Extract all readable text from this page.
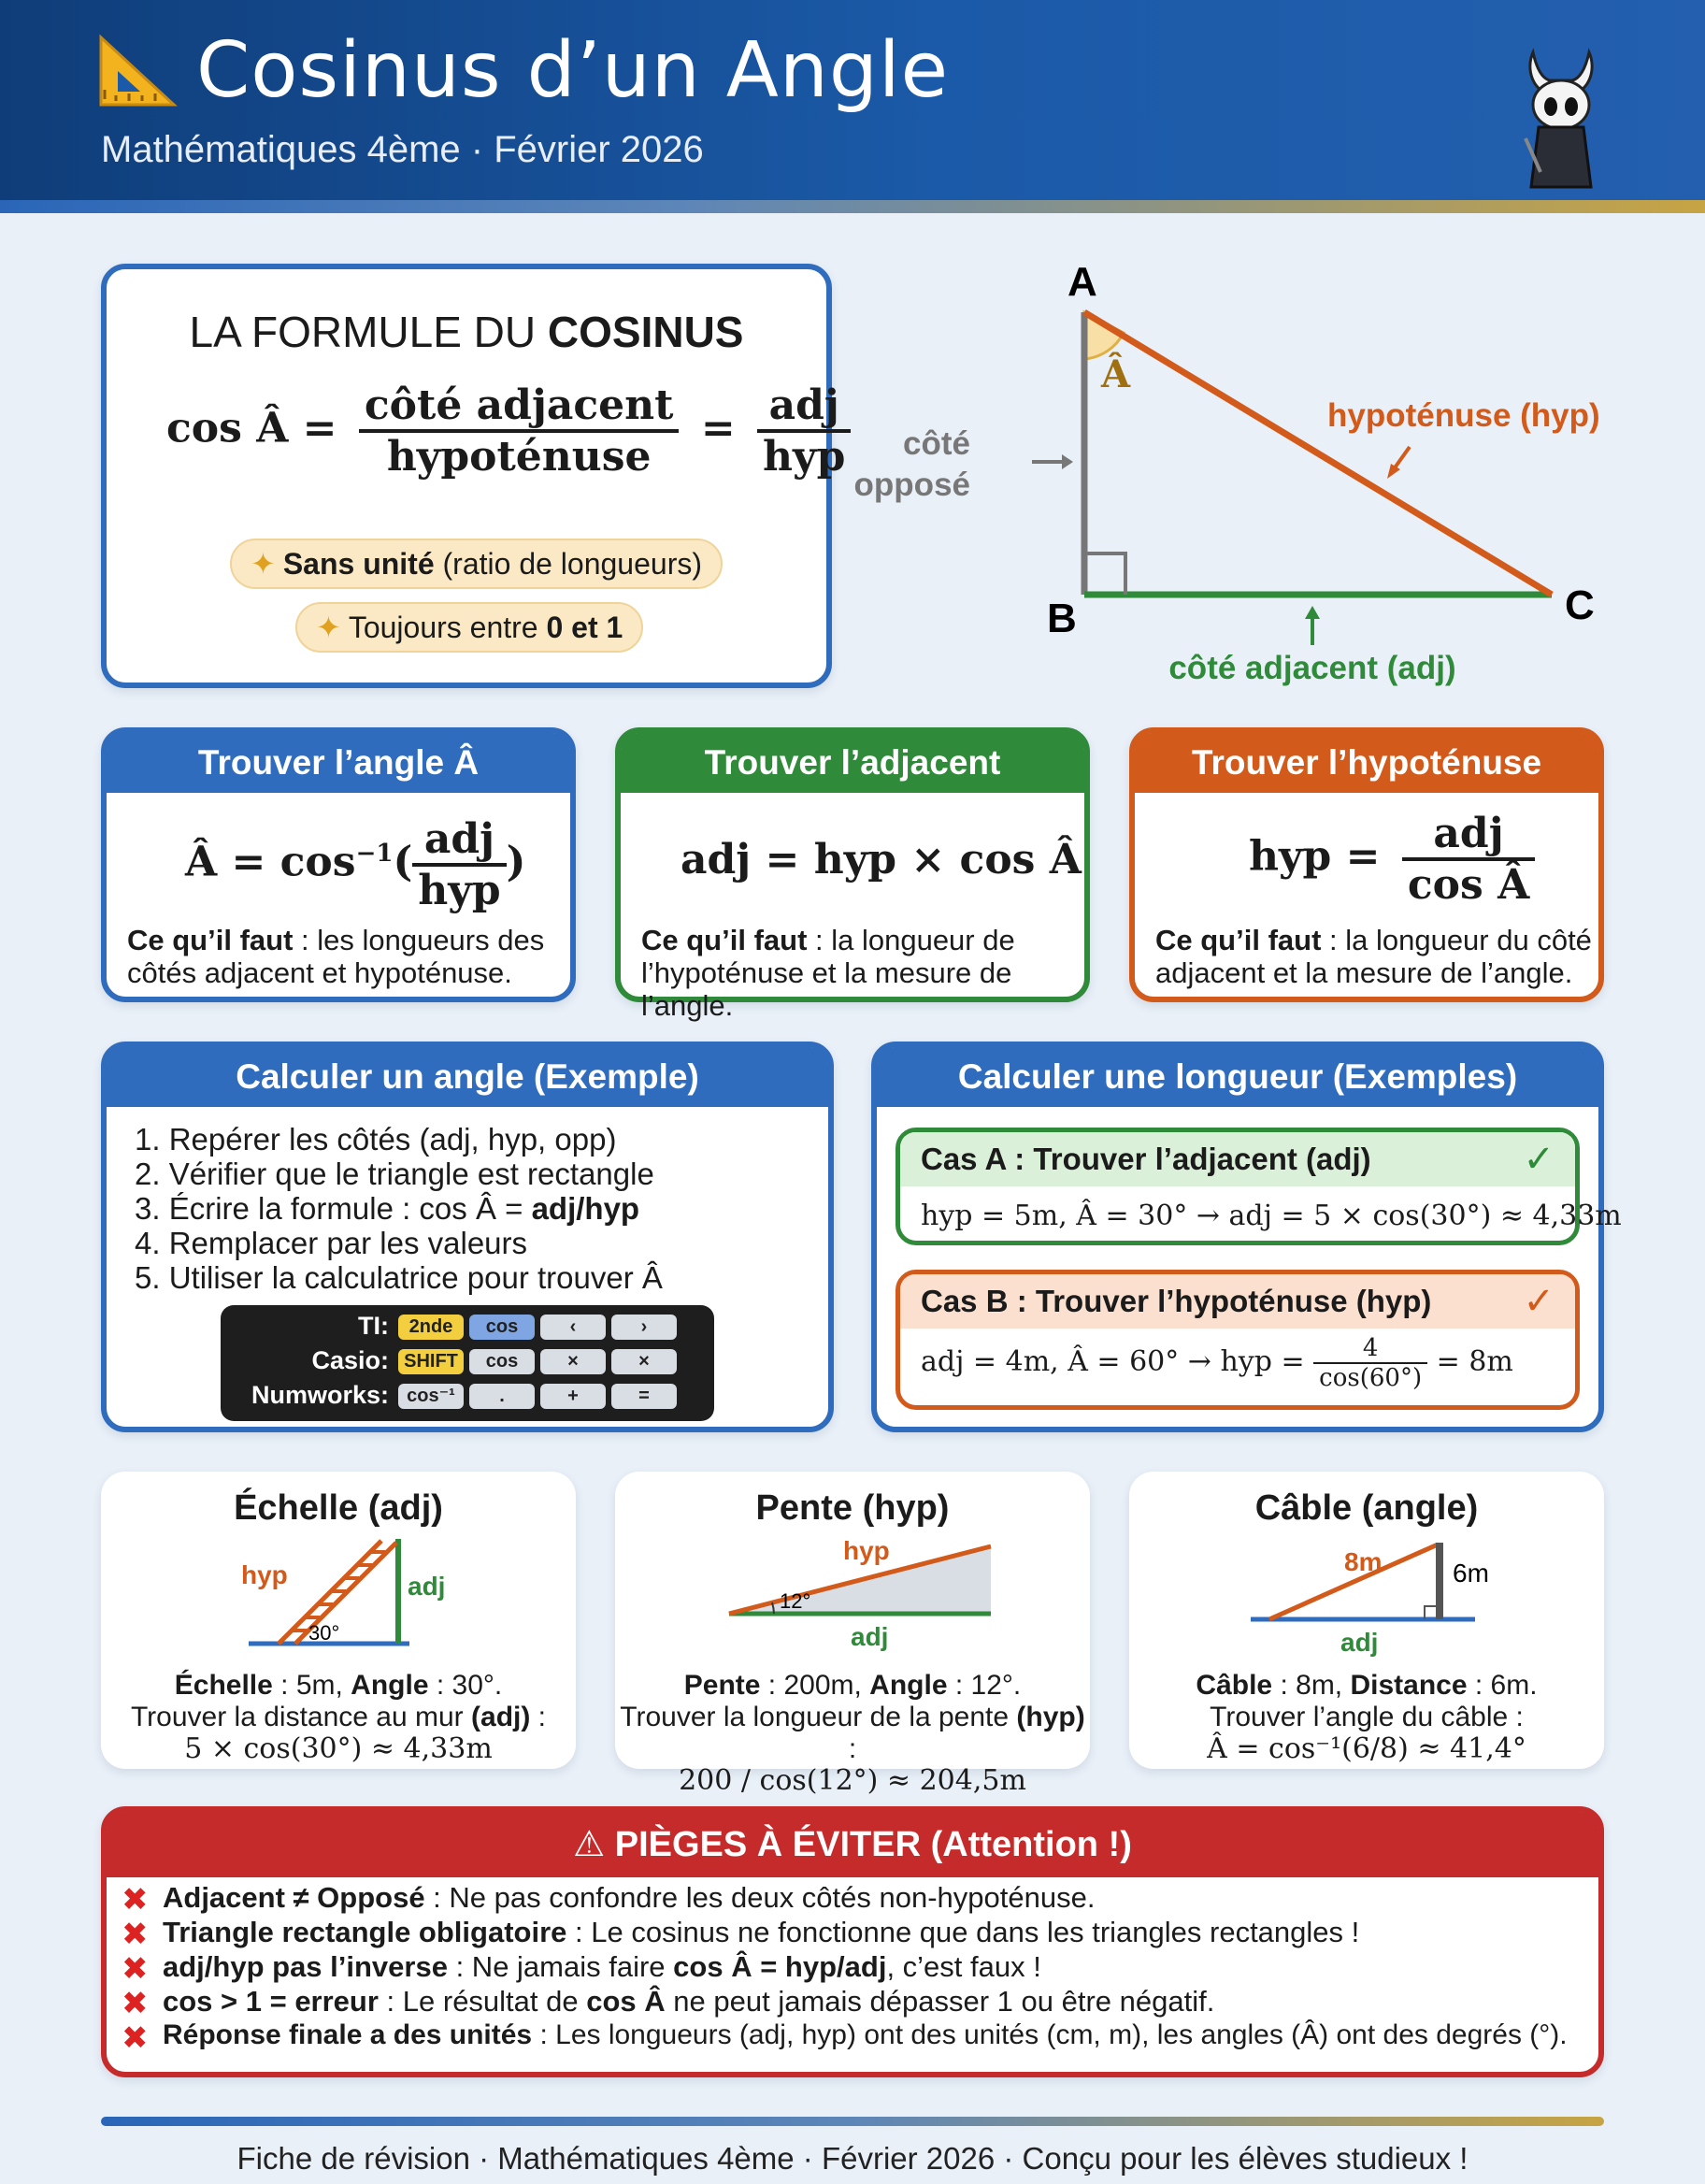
Cosinus d’un Angle
Mathématiques 4ème · Février 2026
LA FORMULE DU COSINUS
cos Â = $\frac{\text{côté adjacent}}{\text{hypoténuse}} = \frac{\text{adj}}{\text{hyp}}$
✦ Sans unité (ratio de longueurs)
✦ Toujours entre 0 et 1
A
B	C
Â
hypoténuse (hyp)
côté
opposé
côté adjacent (adj)
Trouver l’angle Â
Â = $\cos^{-1}( \frac{\text{adj}}{\text{hyp}}$ )
Ce qu’il faut : les longueurs des
côtés adjacent et hypoténuse.
Trouver l’adjacent
adj = hyp × cos Â
Ce qu’il faut : la longueur de
l’hypoténuse et la mesure de l’angle.
Trouver l’hypoténuse
hyp = $\frac{\text{adj}}{\text{cos Â}}$
Ce qu’il faut : la longueur du côté
adjacent et la mesure de l’angle.
Calculer un angle (Exemple)
1. Repérer les côtés (adj, hyp, opp)
2. Vérifier que le triangle est rectangle
3. Écrire la formule : cos Â = adj/hyp
4. Remplacer par les valeurs
5. Utiliser la calculatrice pour trouver Â
TI:	2nde	cos	‹	›
Casio: SHIFT	cos	×	×
Numworks: cos⁻¹	.	+	=
Calculer une longueur (Exemples)
Cas A : Trouver l’adjacent (adj)	✓
hyp = 5m, Â = 30° → adj = 5 × cos(30°) ≈ 4,33m
Cas B : Trouver l’hypoténuse (hyp)	✓
adj = 4m, Â = 60° → hyp = $\frac{4}{\cos(60^\circ)} = 8m$
Échelle (adj)
hyp	adj
30°
Échelle : 5m, Angle : 30°.
Trouver la distance au mur (adj) :
5 × cos(30°) ≈ 4,33m
Pente (hyp)
hyp
adj
12°
Pente : 200m, Angle : 12°.
Trouver la longueur de la pente (hyp) :
200 / cos(12°) ≈ 204,5m
Câble (angle)
8m	6m
adj
Câble : 8m, Distance : 6m.
Trouver l’angle du câble :
Â = cos⁻¹(6/8) ≈ 41,4°
⚠ PIÈGES À ÉVITER (Attention !)
✖ Adjacent ≠ Opposé : Ne pas confondre les deux côtés non-hypoténuse.
✖ Triangle rectangle obligatoire : Le cosinus ne fonctionne que dans les triangles rectangles !
✖ adj/hyp pas l’inverse : Ne jamais faire cos Â = hyp/adj, c’est faux !
✖ cos > 1 = erreur : Le résultat de cos Â ne peut jamais dépasser 1 ou être négatif.
✖ Réponse finale a des unités : Les longueurs (adj, hyp) ont des unités (cm, m), les angles (Â) ont des degrés (°).
Fiche de révision · Mathématiques 4ème · Février 2026 · Conçu pour les élèves studieux !
